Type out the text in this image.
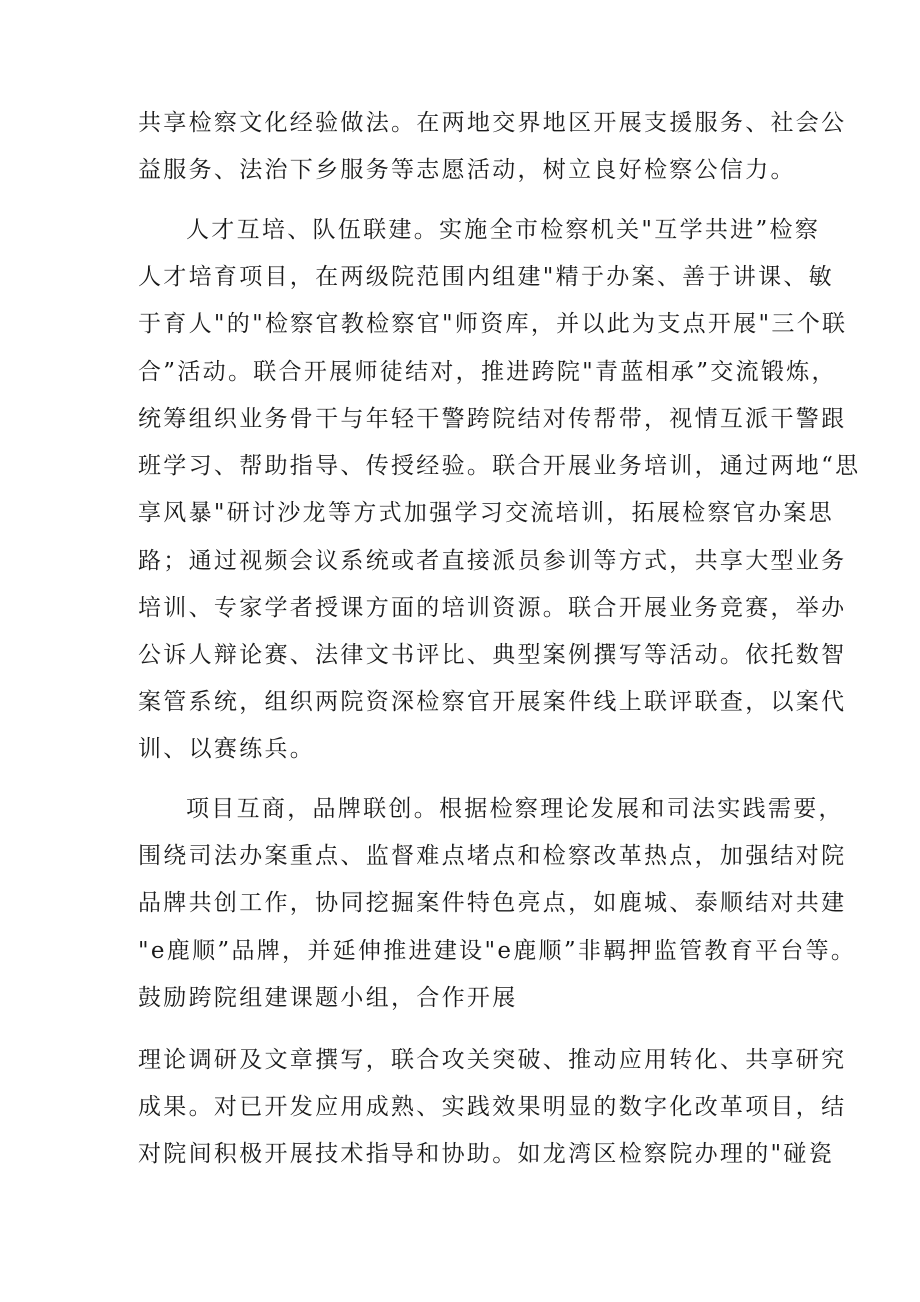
共享检察文化经验做法。在两地交界地区开展支援服务、社会公
益服务、法治下乡服务等志愿活动，树立良好检察公信力。
人才互培、队伍联建。实施全市检察机关"互学共进”检察
人才培育项目，在两级院范围内组建"精于办案、善于讲课、敏
于育人"的"检察官教检察官"师资库，并以此为支点开展"三个联
合”活动。联合开展师徒结对，推进跨院"青蓝相承”交流锻炼，
统筹组织业务骨干与年轻干警跨院结对传帮带，视情互派干警跟
班学习、帮助指导、传授经验。联合开展业务培训，通过两地“思
享风暴"研讨沙龙等方式加强学习交流培训，拓展检察官办案思
路；通过视频会议系统或者直接派员参训等方式，共享大型业务
培训、专家学者授课方面的培训资源。联合开展业务竞赛，举办
公诉人辩论赛、法律文书评比、典型案例撰写等活动。依托数智
案管系统，组织两院资深检察官开展案件线上联评联查，以案代
训、以赛练兵。
项目互商，品牌联创。根据检察理论发展和司法实践需要，
围绕司法办案重点、监督难点堵点和检察改革热点，加强结对院
品牌共创工作，协同挖掘案件特色亮点，如鹿城、泰顺结对共建
"e鹿顺”品牌，并延伸推进建设"e鹿顺”非羁押监管教育平台等。
鼓励跨院组建课题小组，合作开展
理论调研及文章撰写，联合攻关突破、推动应用转化、共享研究
成果。对已开发应用成熟、实践效果明显的数字化改革项目，结
对院间积极开展技术指导和协助。如龙湾区检察院办理的"碰瓷
